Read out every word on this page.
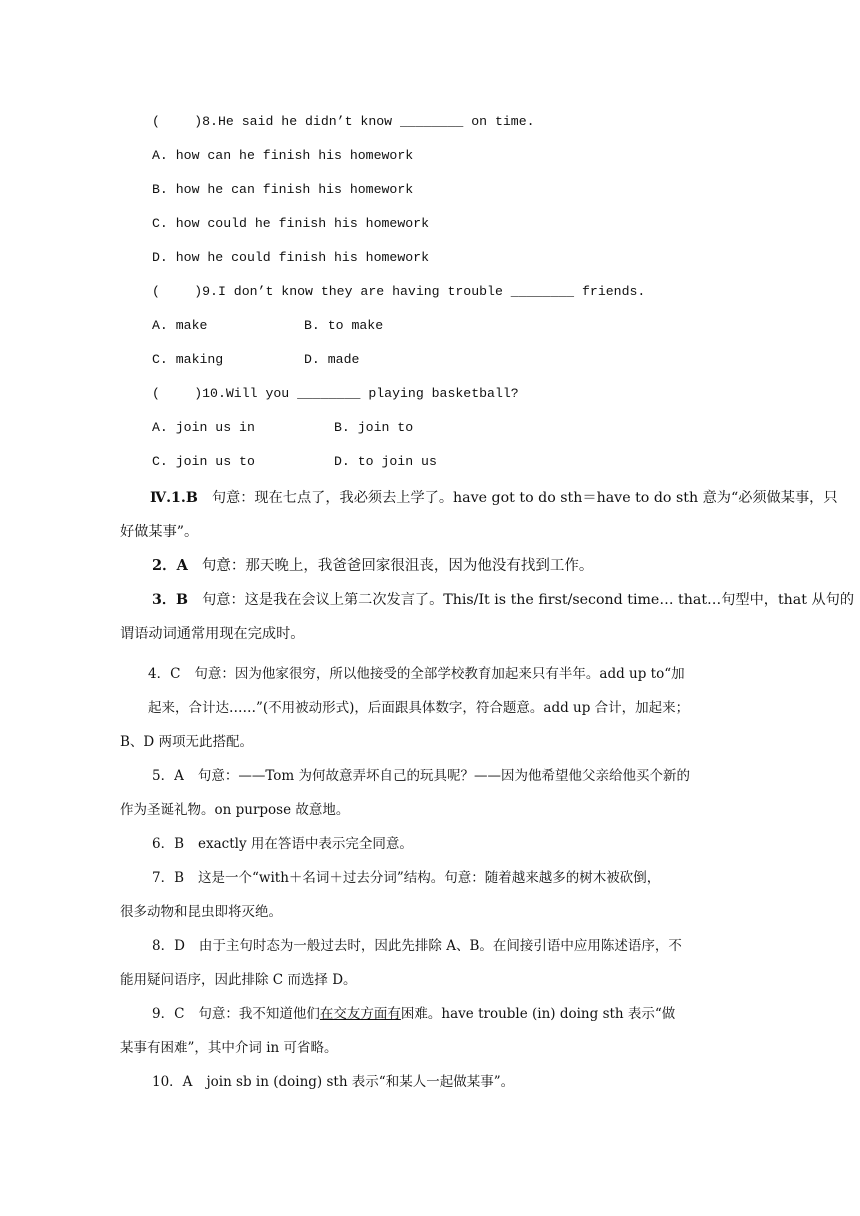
(   )8.He said he didn’t know ________ on time.
A. how can he finish his homework
B. how he can finish his homework
C. how could he finish his homework
D. how he could finish his homework
(   )9.I don’t know they are having trouble ________ friends.
A. make	B. to make
C. making	D. made
(   )10.Will you ________ playing basketball?
A. join us in	B. join to
C. join us to	D. to join us
Ⅳ.1.B 句意：现在七点了，我必须去上学了。have got to do sth＝have to do sth 意为“必须做某事，只
好做某事”。
2．A 句意：那天晚上，我爸爸回家很沮丧，因为他没有找到工作。
3．B 句意：这是我在会议上第二次发言了。This/It is the first/second time… that…句型中，that 从句的
谓语动词通常用现在完成时。
4．C 句意：因为他家很穷，所以他接受的全部学校教育加起来只有半年。add up to“加
起来，合计达……”(不用被动形式)，后面跟具体数字，符合题意。add up 合计，加起来；
B、D 两项无此搭配。
5．A 句意：——Tom 为何故意弄坏自己的玩具呢？——因为他希望他父亲给他买个新的
作为圣诞礼物。on purpose 故意地。
6．B exactly 用在答语中表示完全同意。
7．B 这是一个“with＋名词＋过去分词”结构。句意：随着越来越多的树木被砍倒，
很多动物和昆虫即将灭绝。
8．D 由于主句时态为一般过去时，因此先排除 A、B。在间接引语中应用陈述语序，不
能用疑问语序，因此排除 C 而选择 D。
9．C 句意：我不知道他们在交友方面有困难。have trouble (in) doing sth 表示“做
某事有困难”，其中介词 in 可省略。
10．A join sb in (doing) sth 表示“和某人一起做某事”。
